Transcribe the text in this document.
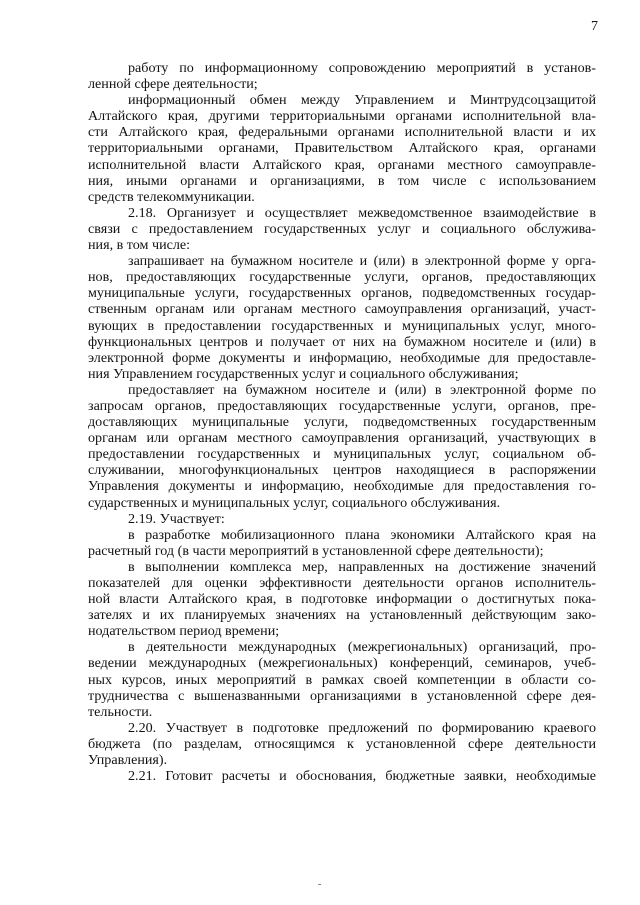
7
работу по информационному сопровождению мероприятий в установ-
ленной сфере деятельности;
информационный обмен между Управлением и Минтрудсоцзащитой
Алтайского края, другими территориальными органами исполнительной вла-
сти Алтайского края, федеральными органами исполнительной власти и их
территориальными органами, Правительством Алтайского края, органами
исполнительной власти Алтайского края, органами местного самоуправле-
ния, иными органами и организациями, в том числе с использованием
средств телекоммуникации.
2.18. Организует и осуществляет межведомственное взаимодействие в
связи с предоставлением государственных услуг и социального обслужива-
ния, в том числе:
запрашивает на бумажном носителе и (или) в электронной форме у орга-
нов, предоставляющих государственные услуги, органов, предоставляющих
муниципальные услуги, государственных органов, подведомственных государ-
ственным органам или органам местного самоуправления организаций, участ-
вующих в предоставлении государственных и муниципальных услуг, много-
функциональных центров и получает от них на бумажном носителе и (или) в
электронной форме документы и информацию, необходимые для предоставле-
ния Управлением государственных услуг и социального обслуживания;
предоставляет на бумажном носителе и (или) в электронной форме по
запросам органов, предоставляющих государственные услуги, органов, пре-
доставляющих муниципальные услуги, подведомственных государственным
органам или органам местного самоуправления организаций, участвующих в
предоставлении государственных и муниципальных услуг, социальном об-
служивании, многофункциональных центров находящиеся в распоряжении
Управления документы и информацию, необходимые для предоставления го-
сударственных и муниципальных услуг, социального обслуживания.
2.19. Участвует:
в разработке мобилизационного плана экономики Алтайского края на
расчетный год (в части мероприятий в установленной сфере деятельности);
в выполнении комплекса мер, направленных на достижение значений
показателей для оценки эффективности деятельности органов исполнитель-
ной власти Алтайского края, в подготовке информации о достигнутых пока-
зателях и их планируемых значениях на установленный действующим зако-
нодательством период времени;
в деятельности международных (межрегиональных) организаций, про-
ведении международных (межрегиональных) конференций, семинаров, учеб-
ных курсов, иных мероприятий в рамках своей компетенции в области со-
трудничества с вышеназванными организациями в установленной сфере дея-
тельности.
2.20. Участвует в подготовке предложений по формированию краевого
бюджета (по разделам, относящимся к установленной сфере деятельности
Управления).
2.21. Готовит расчеты и обоснования, бюджетные заявки, необходимые
